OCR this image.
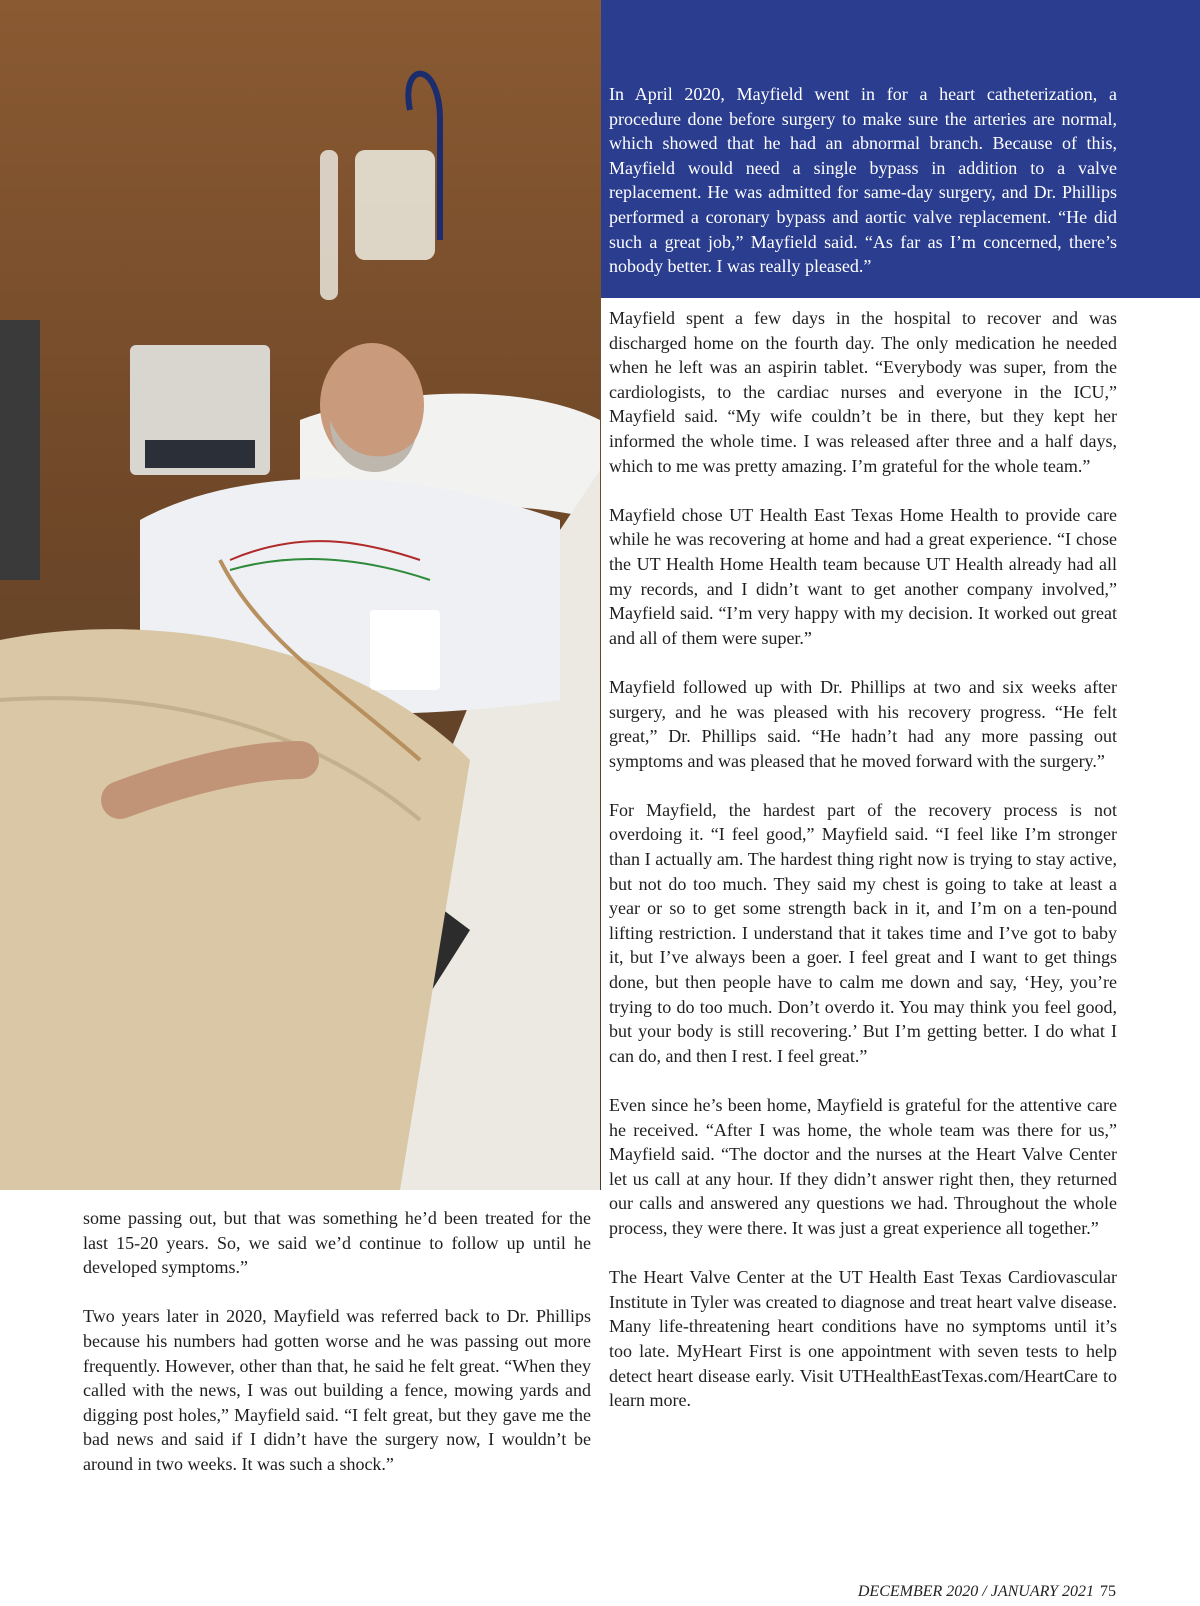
In April 2020, Mayfield went in for a heart catheterization, a procedure done before surgery to make sure the arteries are normal, which showed that he had an abnormal branch. Because of this, Mayfield would need a single bypass in addition to a valve replacement. He was admitted for same-day surgery, and Dr. Phillips performed a coronary bypass and aortic valve replacement. “He did such a great job,” Mayfield said. “As far as I’m concerned, there’s nobody better. I was really pleased.”

Mayfield spent a few days in the hospital to recover and was discharged home on the fourth day. The only medication he needed when he left was an aspirin tablet. “Everybody was super, from the cardiologists, to the cardiac nurses and everyone in the ICU,” Mayfield said. “My wife couldn’t be in there, but they kept her informed the whole time. I was released after three and a half days, which to me was pretty amazing. I’m grateful for the whole team.”

Mayfield chose UT Health East Texas Home Health to provide care while he was recovering at home and had a great experience. “I chose the UT Health Home Health team because UT Health already had all my records, and I didn’t want to get another company involved,” Mayfield said. “I’m very happy with my decision. It worked out great and all of them were super.”

Mayfield followed up with Dr. Phillips at two and six weeks after surgery, and he was pleased with his recovery progress. “He felt great,” Dr. Phillips said. “He hadn’t had any more passing out symptoms and was pleased that he moved forward with the surgery.”

For Mayfield, the hardest part of the recovery process is not overdoing it. “I feel good,” Mayfield said. “I feel like I’m stronger than I actually am. The hardest thing right now is trying to stay active, but not do too much. They said my chest is going to take at least a year or so to get some strength back in it, and I’m on a ten-pound lifting restriction. I understand that it takes time and I’ve got to baby it, but I’ve always been a goer. I feel great and I want to get things done, but then people have to calm me down and say, ‘Hey, you’re trying to do too much. Don’t overdo it. You may think you feel good, but your body is still recovering.’ But I’m getting better. I do what I can do, and then I rest. I feel great.”

Even since he’s been home, Mayfield is grateful for the attentive care he received. “After I was home, the whole team was there for us,” Mayfield said. “The doctor and the nurses at the Heart Valve Center let us call at any hour. If they didn’t answer right then, they returned our calls and answered any questions we had. Throughout the whole process, they were there. It was just a great experience all together.”

The Heart Valve Center at the UT Health East Texas Cardiovascular Institute in Tyler was created to diagnose and treat heart valve disease. Many life-threatening heart conditions have no symptoms until it’s too late. MyHeart First is one appointment with seven tests to help detect heart disease early. Visit UTHealthEastTexas.com/HeartCare to learn more.

some passing out, but that was something he’d been treated for the last 15-20 years. So, we said we’d continue to follow up until he developed symptoms.”

Two years later in 2020, Mayfield was referred back to Dr. Phillips because his numbers had gotten worse and he was passing out more frequently. However, other than that, he said he felt great. “When they called with the news, I was out building a fence, mowing yards and digging post holes,” Mayfield said. “I felt great, but they gave me the bad news and said if I didn’t have the surgery now, I wouldn’t be around in two weeks. It was such a shock.”

DECEMBER 2020 / JANUARY 2021 75
